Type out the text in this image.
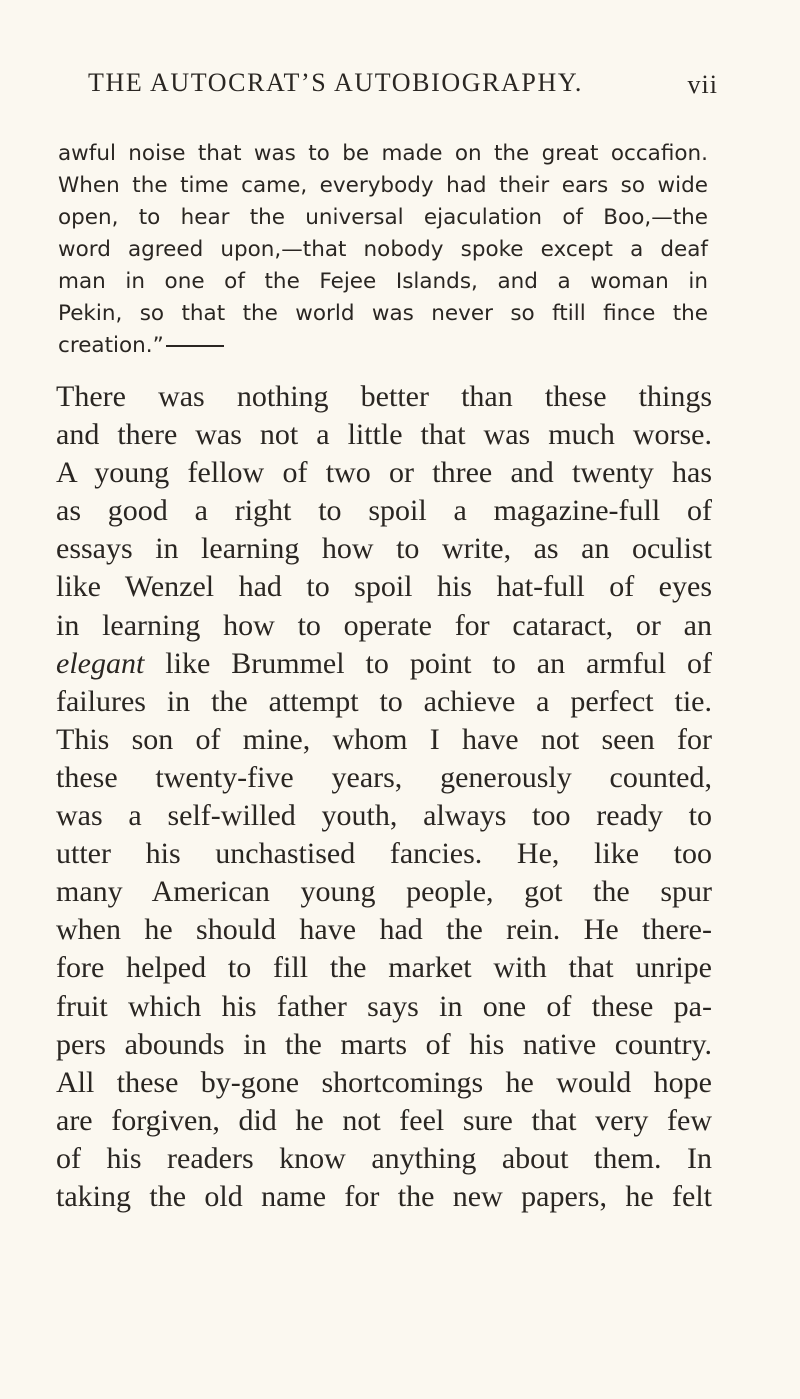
THE AUTOCRAT’S AUTOBIOGRAPHY.	vii
awful noise that was to be made on the great occafion.
When the time came, everybody had their ears so wide
open, to hear the universal ejaculation of Boo,—the
word agreed upon,—that nobody spoke except a deaf
man in one of the Fejee Islands, and a woman in
Pekin, so that the world was never so ftill fince the
creation.”
There was nothing better than these things
and there was not a little that was much worse.
A young fellow of two or three and twenty has
as good a right to spoil a magazine-full of
essays in learning how to write, as an oculist
like Wenzel had to spoil his hat-full of eyes
in learning how to operate for cataract, or an
elegant like Brummel to point to an armful of
failures in the attempt to achieve a perfect tie.
This son of mine, whom I have not seen for
these twenty-five years, generously counted,
was a self-willed youth, always too ready to
utter his unchastised fancies. He, like too
many American young people, got the spur
when he should have had the rein. He there-
fore helped to fill the market with that unripe
fruit which his father says in one of these pa-
pers abounds in the marts of his native country.
All these by-gone shortcomings he would hope
are forgiven, did he not feel sure that very few
of his readers know anything about them. In
taking the old name for the new papers, he felt
